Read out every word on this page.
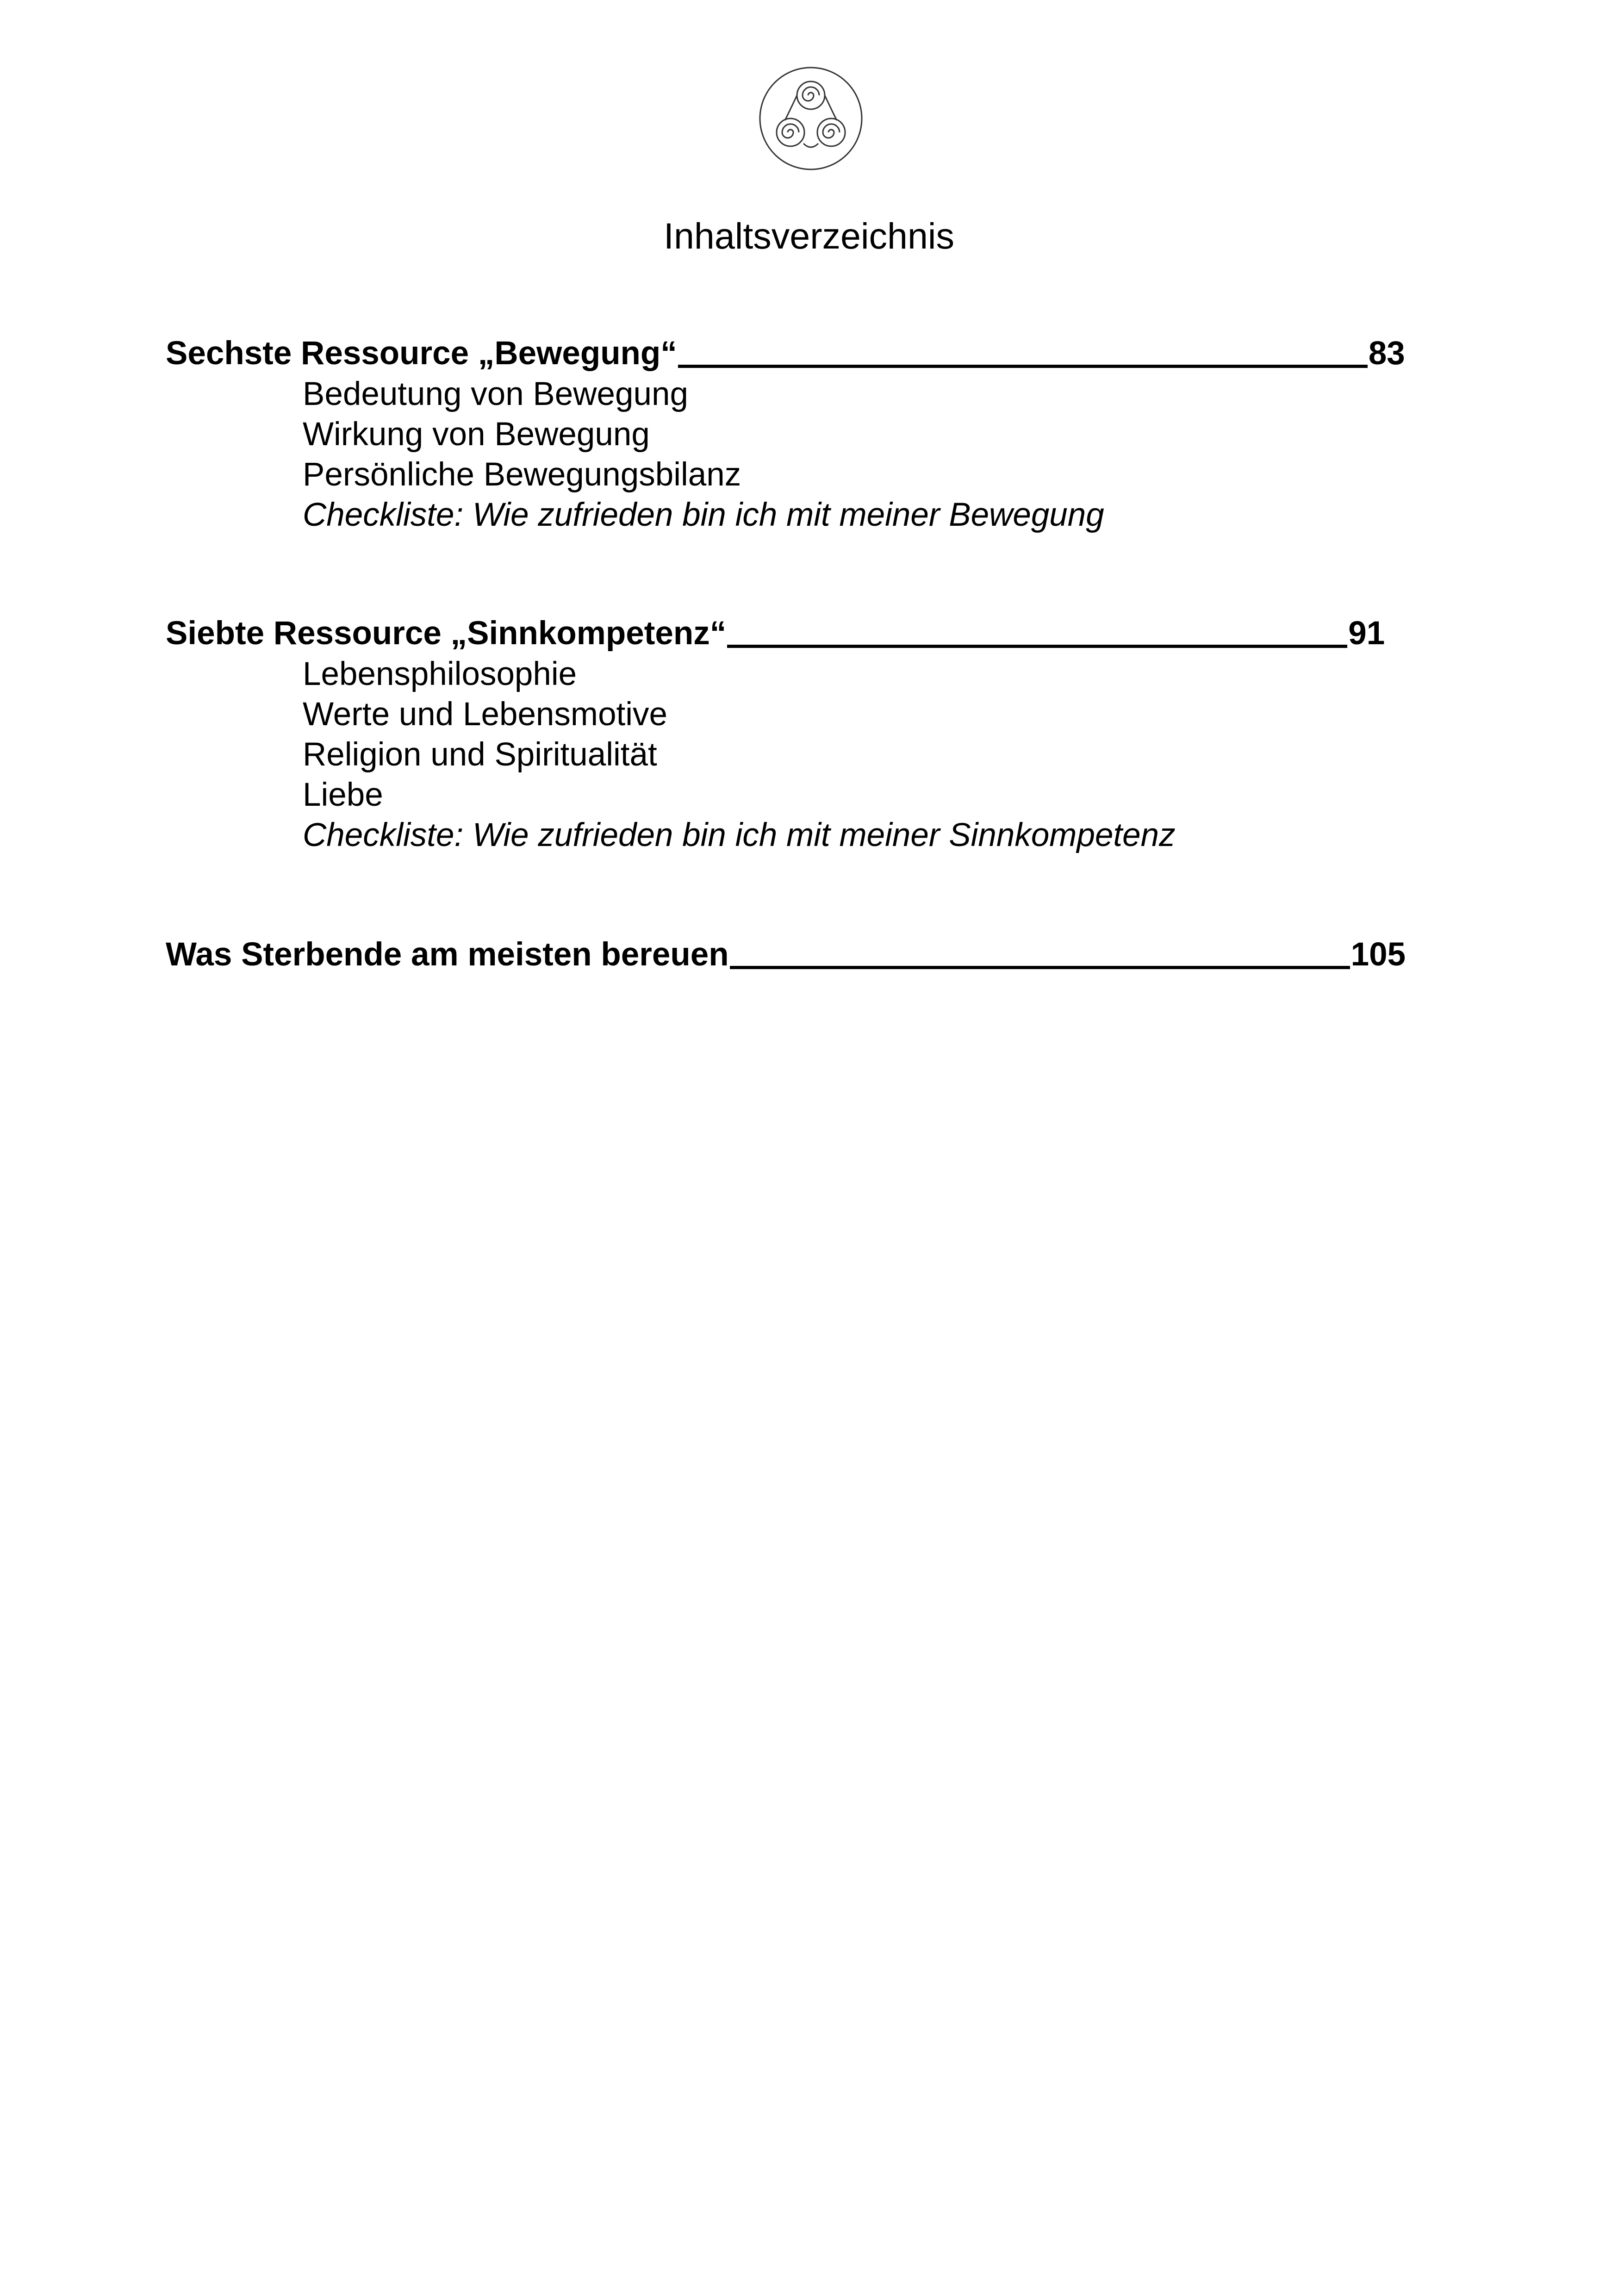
Inhaltsverzeichnis
Sechste Ressource „Bewegung“	83
Bedeutung von Bewegung
Wirkung von Bewegung
Persönliche Bewegungsbilanz
Checkliste: Wie zufrieden bin ich mit meiner Bewegung
Siebte Ressource „Sinnkompetenz“	91
Lebensphilosophie
Werte und Lebensmotive
Religion und Spiritualität
Liebe
Checkliste: Wie zufrieden bin ich mit meiner Sinnkompetenz
Was Sterbende am meisten bereuen	105
